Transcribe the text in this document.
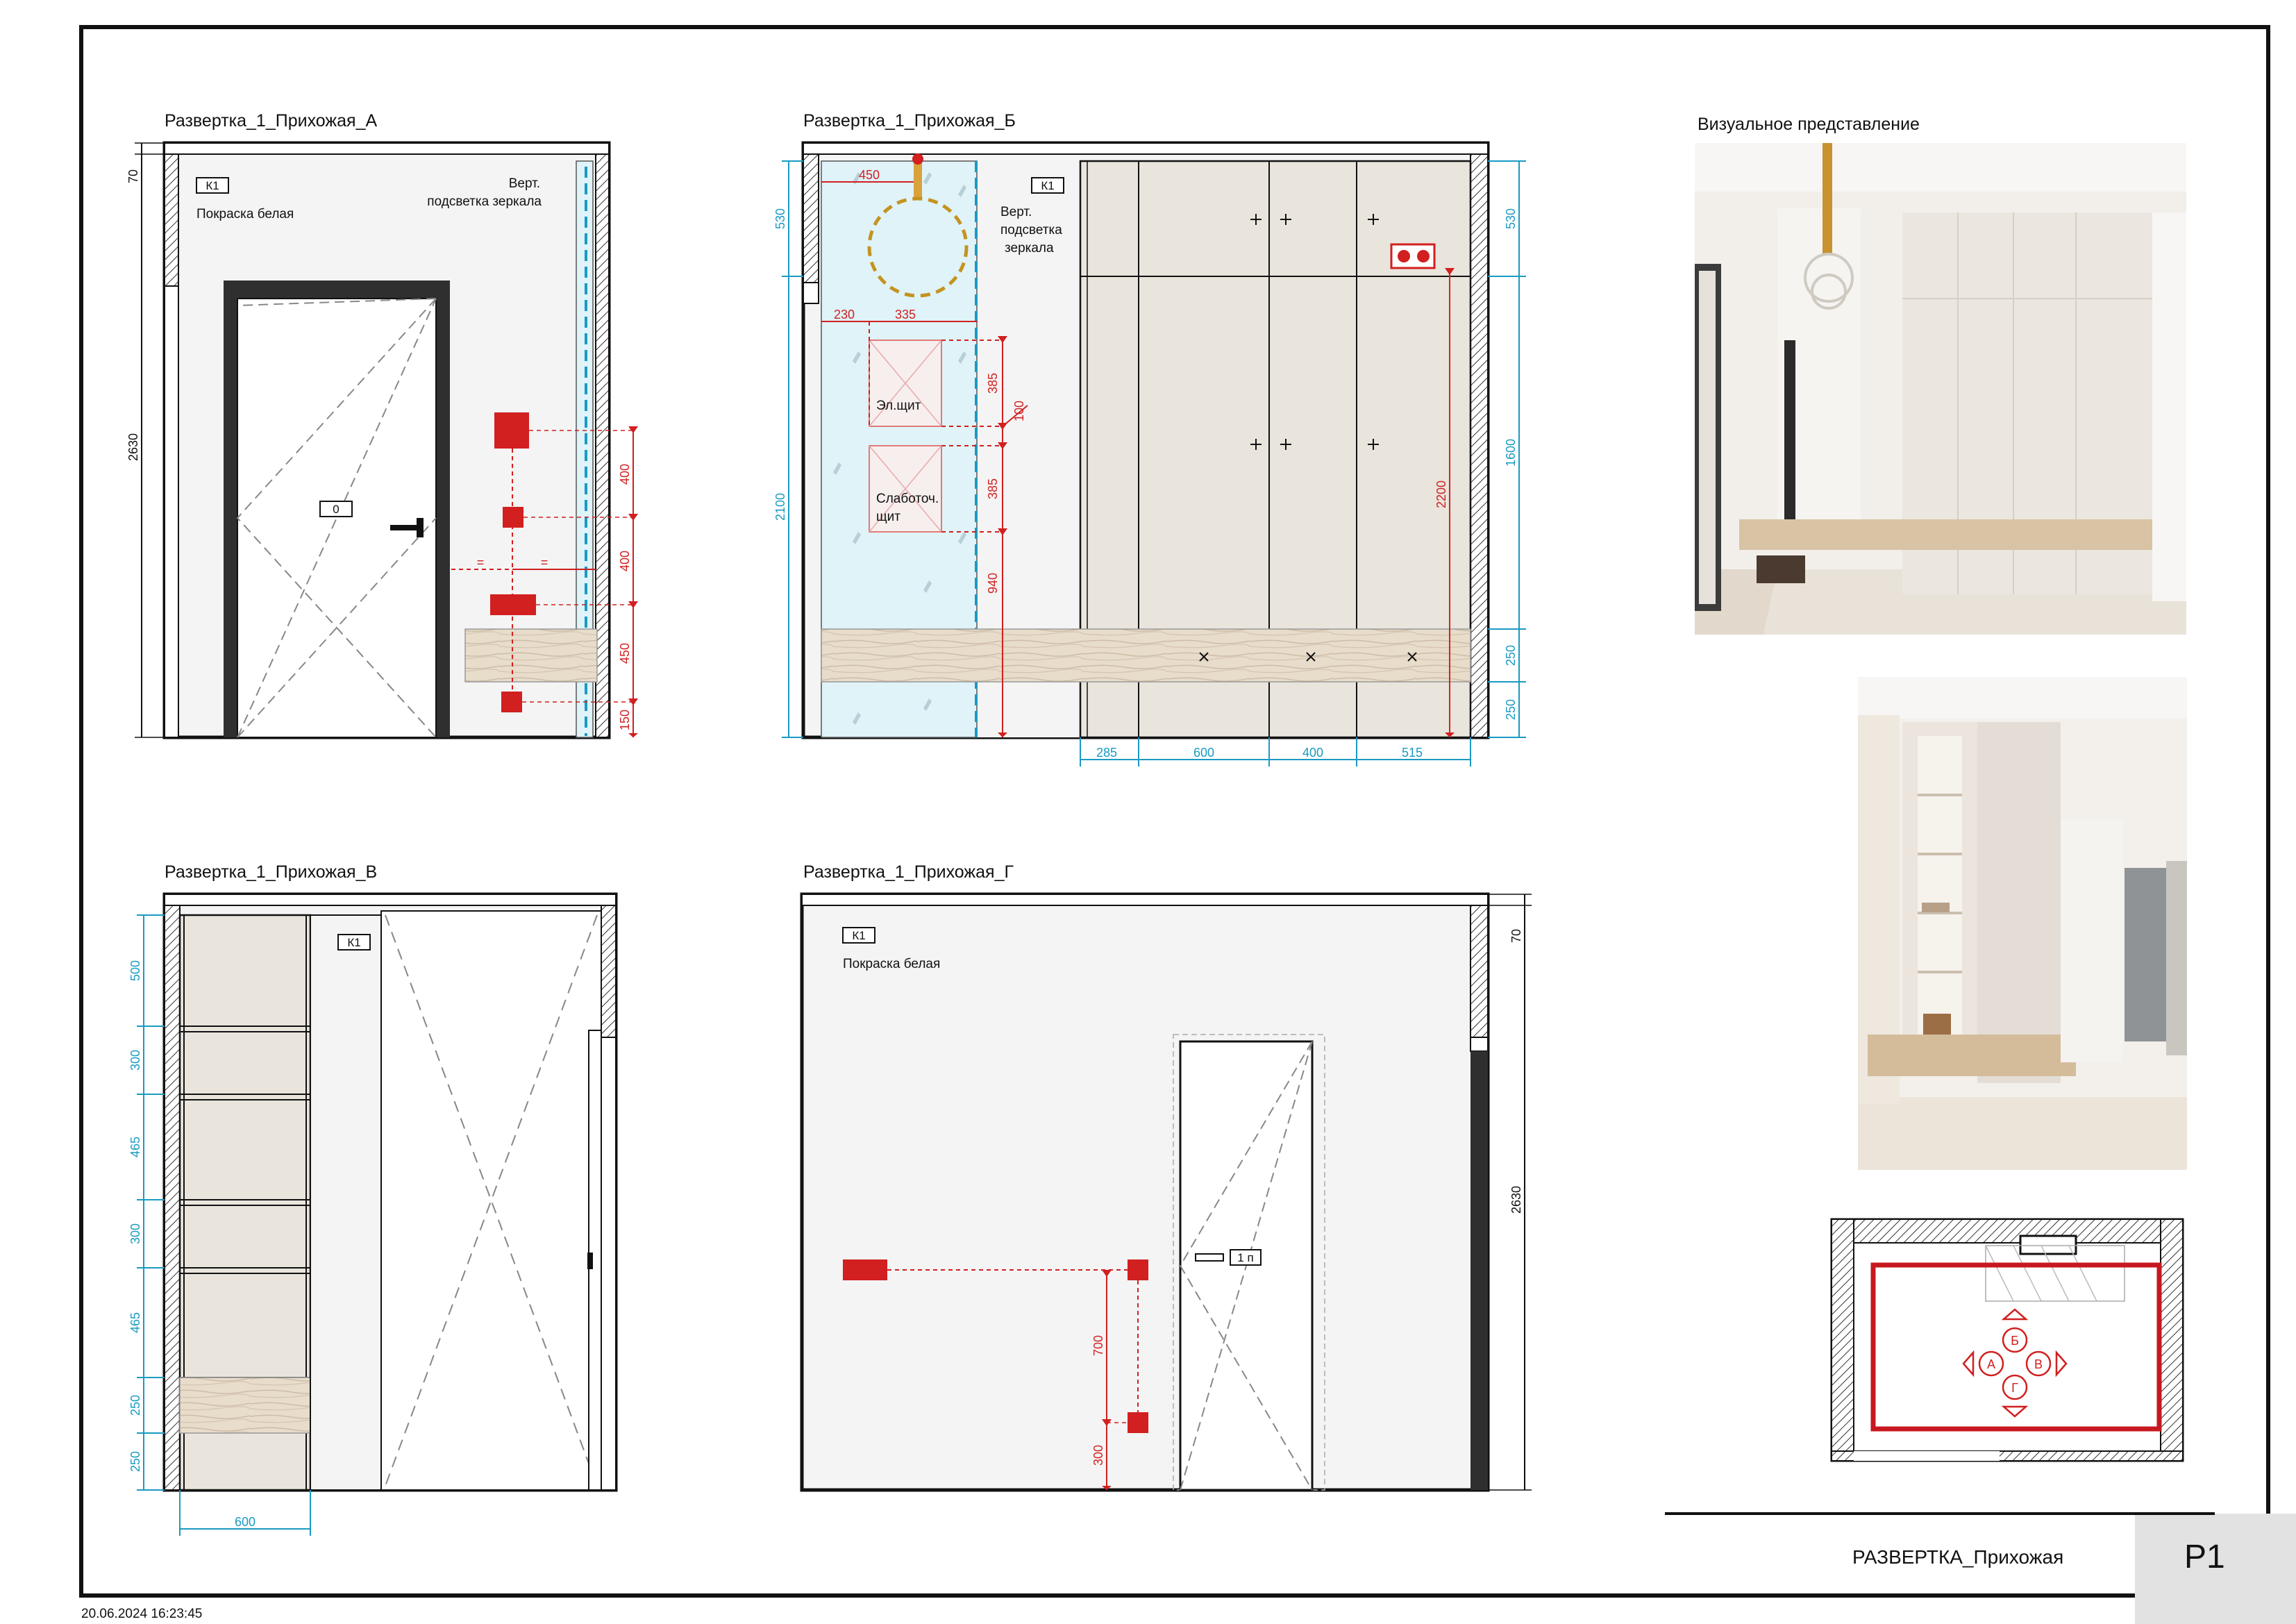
20.06.2024 16:23:45
Развертка_1_Прихожая_А
К1
Покраска белая
Верт.
подсветка зеркала
0
=	=
400
400
450
150
70
2630
Развертка_1_Прихожая_Б
К1
Верт.
подсветка
зеркала
Эл.щит
Слаботоч.
щит
450
230	335
385
100
385
940
2200
530
2100
530
1600
250
250
285	600	400	515
Развертка_1_Прихожая_В
К1
500
300
465
300
465
250
250
600
Развертка_1_Прихожая_Г
К1
Покраска белая
1 п
700
300
70
2630
Визуальное представление
Б
А	В
Г
РАЗВЕРТКА_Прихожая	P1
